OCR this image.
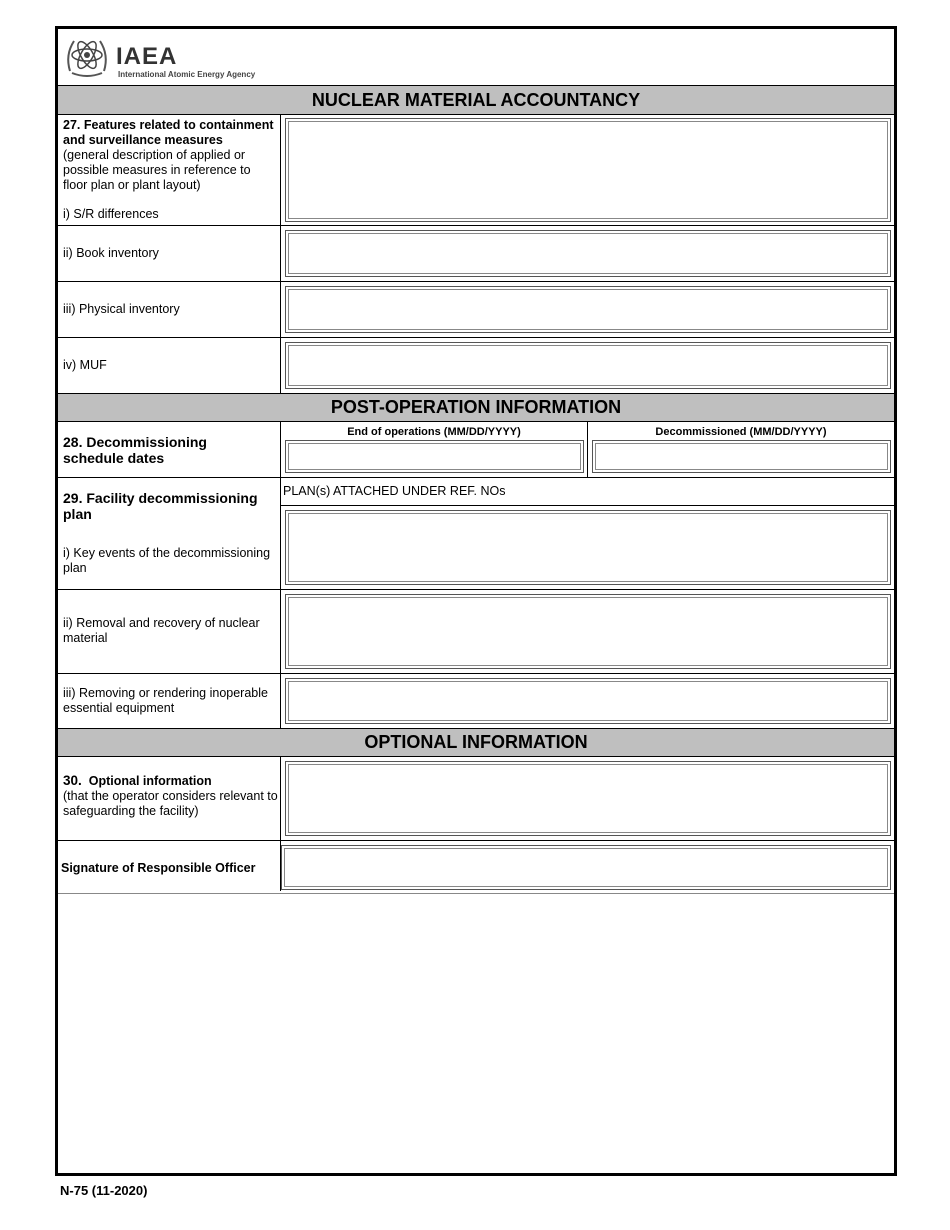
IAEA
International Atomic Energy Agency
NUCLEAR MATERIAL ACCOUNTANCY
27. Features related to containment and surveillance measures
(general description of applied or possible measures in reference to floor plan or plant layout)
i) S/R differences
ii) Book inventory
iii) Physical inventory
iv) MUF
POST-OPERATION INFORMATION
28. Decommissioning schedule dates
End of operations (MM/DD/YYYY)	Decommissioned (MM/DD/YYYY)
29. Facility decommissioning plan
PLAN(s) ATTACHED UNDER REF. NOs
i) Key events of the decommissioning plan
ii) Removal and recovery of nuclear material
iii) Removing or rendering inoperable essential equipment
OPTIONAL INFORMATION
30. Optional information
(that the operator considers relevant to safeguarding the facility)
Signature of Responsible Officer
N-75 (11-2020)
